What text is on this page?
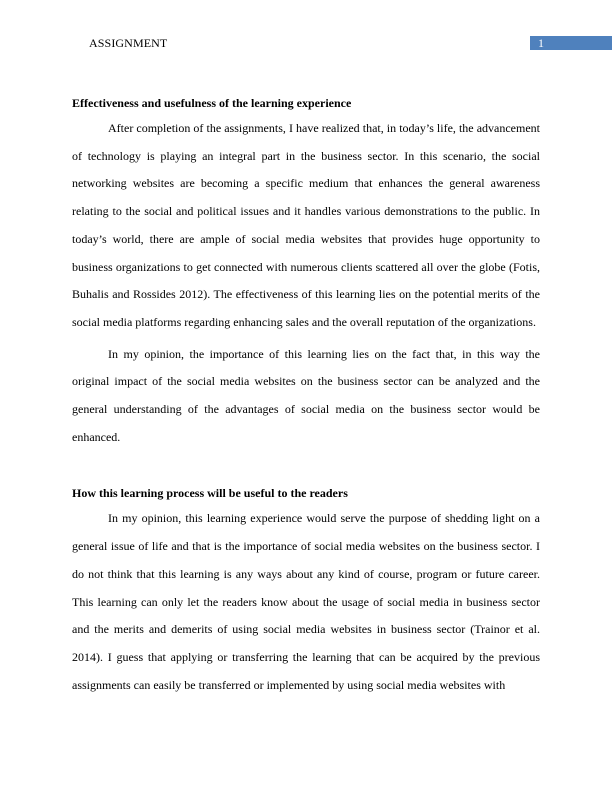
ASSIGNMENT	1

Effectiveness and usefulness of the learning experience

After completion of the assignments, I have realized that, in today’s life, the advancement of technology is playing an integral part in the business sector. In this scenario, the social networking websites are becoming a specific medium that enhances the general awareness relating to the social and political issues and it handles various demonstrations to the public. In today’s world, there are ample of social media websites that provides huge opportunity to business organizations to get connected with numerous clients scattered all over the globe (Fotis, Buhalis and Rossides 2012). The effectiveness of this learning lies on the potential merits of the social media platforms regarding enhancing sales and the overall reputation of the organizations.

In my opinion, the importance of this learning lies on the fact that, in this way the original impact of the social media websites on the business sector can be analyzed and the general understanding of the advantages of social media on the business sector would be enhanced.

How this learning process will be useful to the readers

In my opinion, this learning experience would serve the purpose of shedding light on a general issue of life and that is the importance of social media websites on the business sector. I do not think that this learning is any ways about any kind of course, program or future career. This learning can only let the readers know about the usage of social media in business sector and the merits and demerits of using social media websites in business sector (Trainor et al. 2014). I guess that applying or transferring the learning that can be acquired by the previous assignments can easily be transferred or implemented by using social media websites with
